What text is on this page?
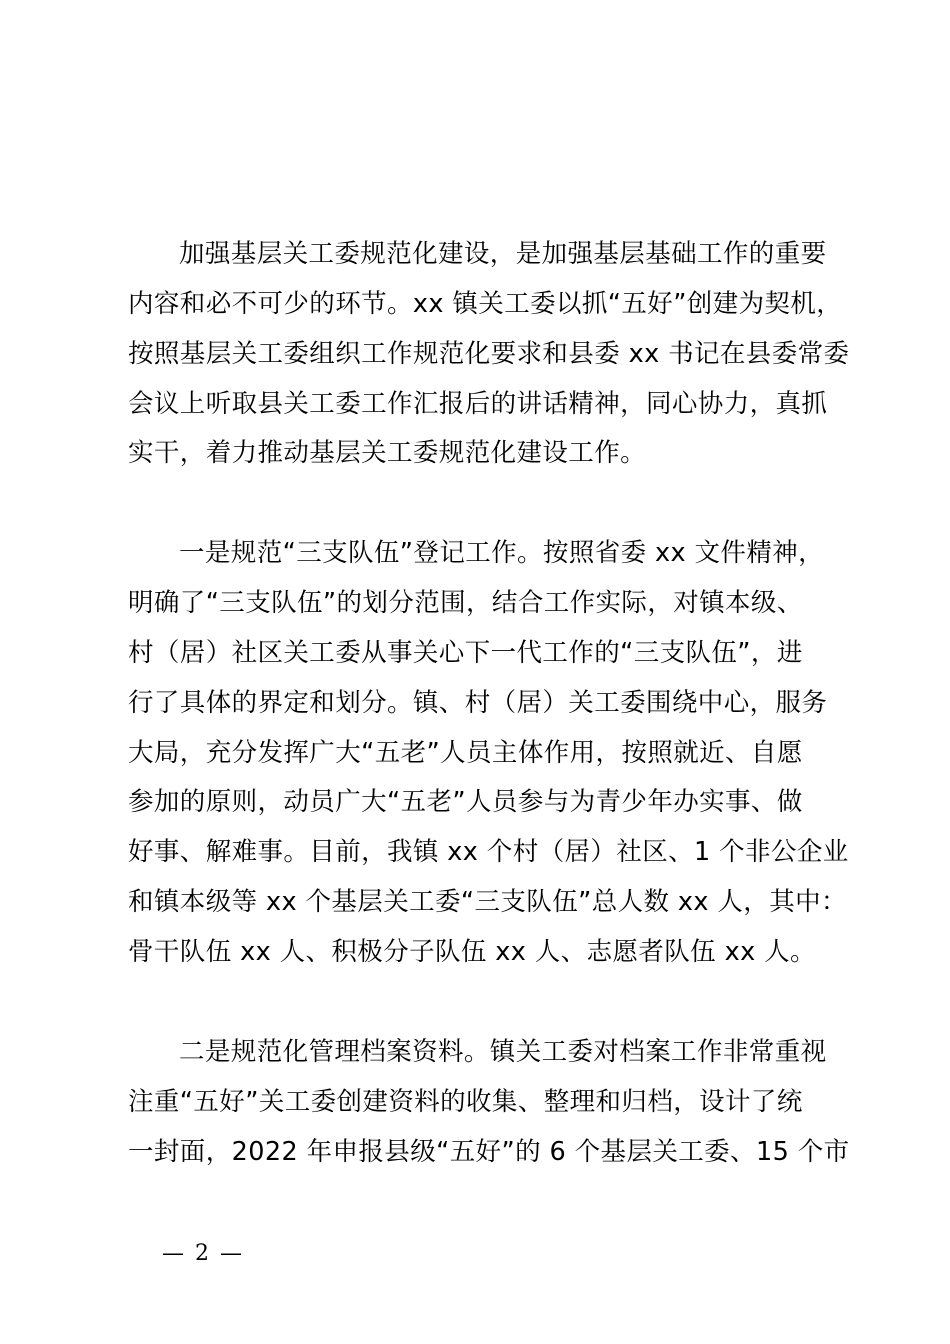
加强基层关工委规范化建设，是加强基层基础工作的重要
内容和必不可少的环节。xx 镇关工委以抓“五好”创建为契机，
按照基层关工委组织工作规范化要求和县委 xx 书记在县委常委
会议上听取县关工委工作汇报后的讲话精神，同心协力，真抓
实干，着力推动基层关工委规范化建设工作。
一是规范“三支队伍”登记工作。按照省委 xx 文件精神，
明确了“三支队伍”的划分范围，结合工作实际，对镇本级、
村（居）社区关工委从事关心下一代工作的“三支队伍”，进
行了具体的界定和划分。镇、村（居）关工委围绕中心，服务
大局，充分发挥广大“五老”人员主体作用，按照就近、自愿
参加的原则，动员广大“五老”人员参与为青少年办实事、做
好事、解难事。目前，我镇 xx 个村（居）社区、1 个非公企业
和镇本级等 xx 个基层关工委“三支队伍”总人数 xx 人，其中：
骨干队伍 xx 人、积极分子队伍 xx 人、志愿者队伍 xx 人。
二是规范化管理档案资料。镇关工委对档案工作非常重视
注重“五好”关工委创建资料的收集、整理和归档，设计了统
一封面，2022 年申报县级“五好”的 6 个基层关工委、15 个市
— 2 —
